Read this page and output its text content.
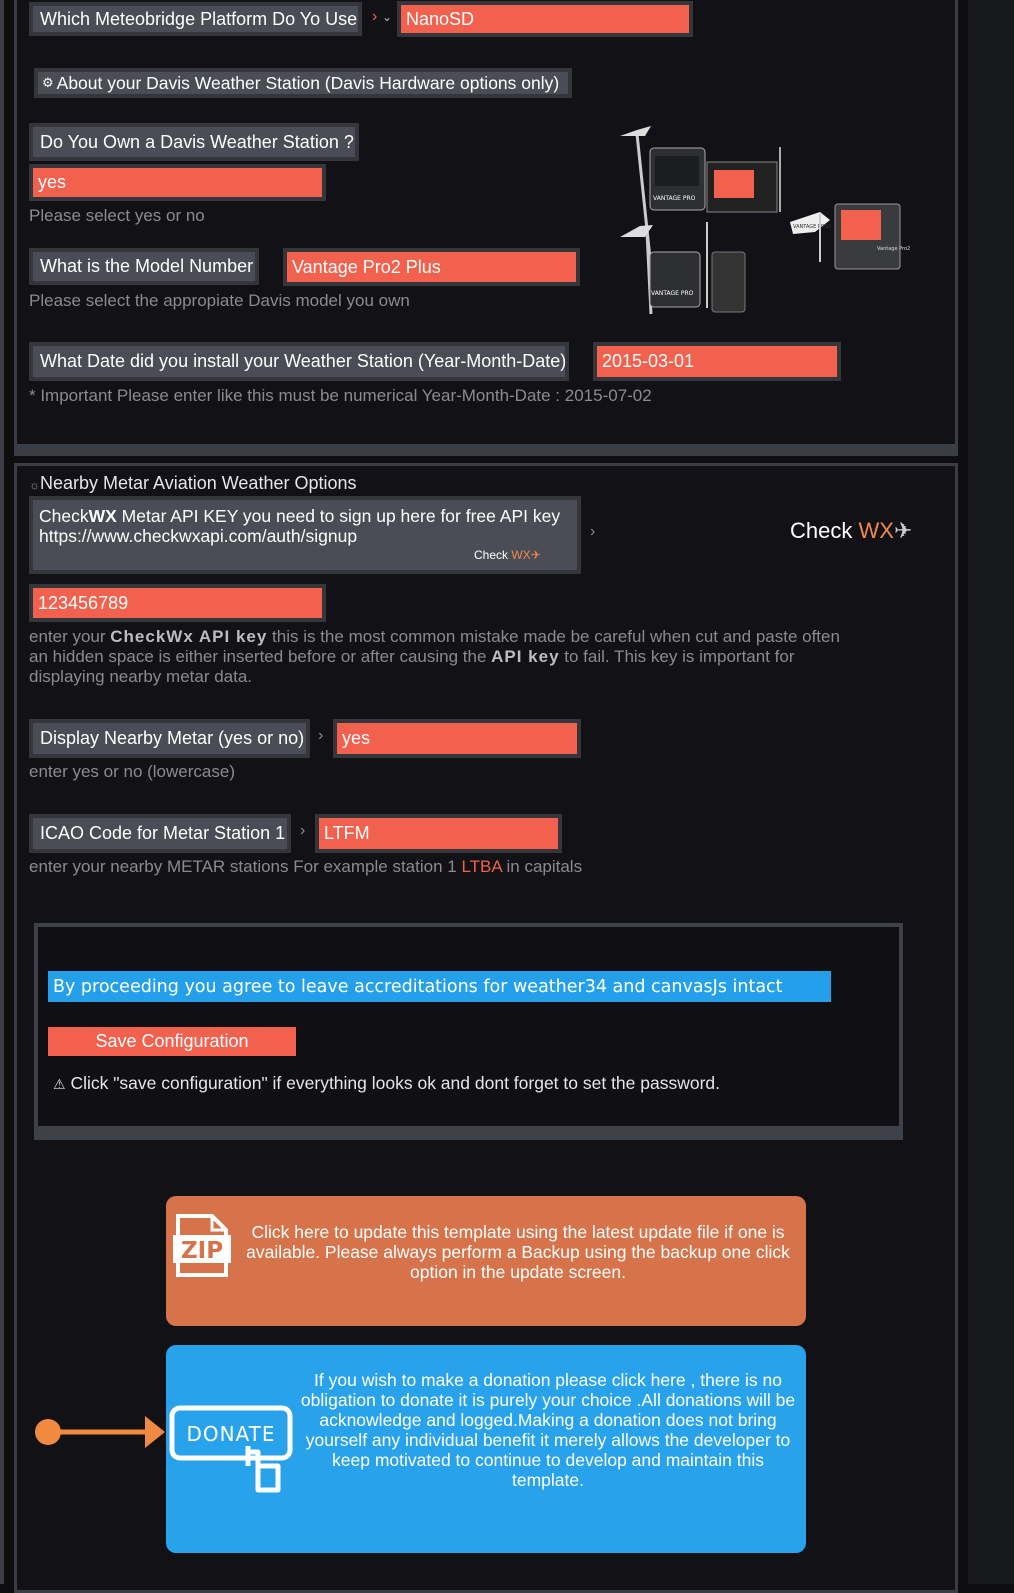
Which Meteobridge Platform Do Yo Use › ⌄ NanoSD
⚙ About your Davis Weather Station (Davis Hardware options only)
Do You Own a Davis Weather Station ?
yes
Please select yes or no
What is the Model Number	Vantage Pro2 Plus
Please select the appropiate Davis model you own
What Date did you install your Weather Station (Year-Month-Date)	2015-03-01
* Important Please enter like this must be numerical Year-Month-Date : 2015-07-02
VANTAGE PRO
VANTAGE PRO
VANTAGE PRO2
Vantage Pro2
☼Nearby Metar Aviation Weather Options
CheckWX Metar API KEY you need to sign up here for free API key
https://www.checkwxapi.com/auth/signup
Check WX✈
›	Check WX✈
123456789
enter your CheckWx API key this is the most common mistake made be careful when cut and paste often
an hidden space is either inserted before or after causing the API key to fail. This key is important for
displaying nearby metar data.
Display Nearby Metar (yes or no) ›	yes
enter yes or no (lowercase)
ICAO Code for Metar Station 1 ›	LTFM
enter your nearby METAR stations For example station 1 LTBA in capitals
By proceeding you agree to leave accreditations for weather34 and canvasJs intact
Save Configuration
⚠ Click "save configuration" if everything looks ok and dont forget to set the password.
ZIP
Click here to update this template using the latest update file if one is
available. Please always perform a Backup using the backup one click
option in the update screen.
DONATE
If you wish to make a donation please click here , there is no
obligation to donate it is purely your choice .All donations will be
acknowledge and logged.Making a donation does not bring
yourself any individual benefit it merely allows the developer to
keep motivated to continue to develop and maintain this
template.
